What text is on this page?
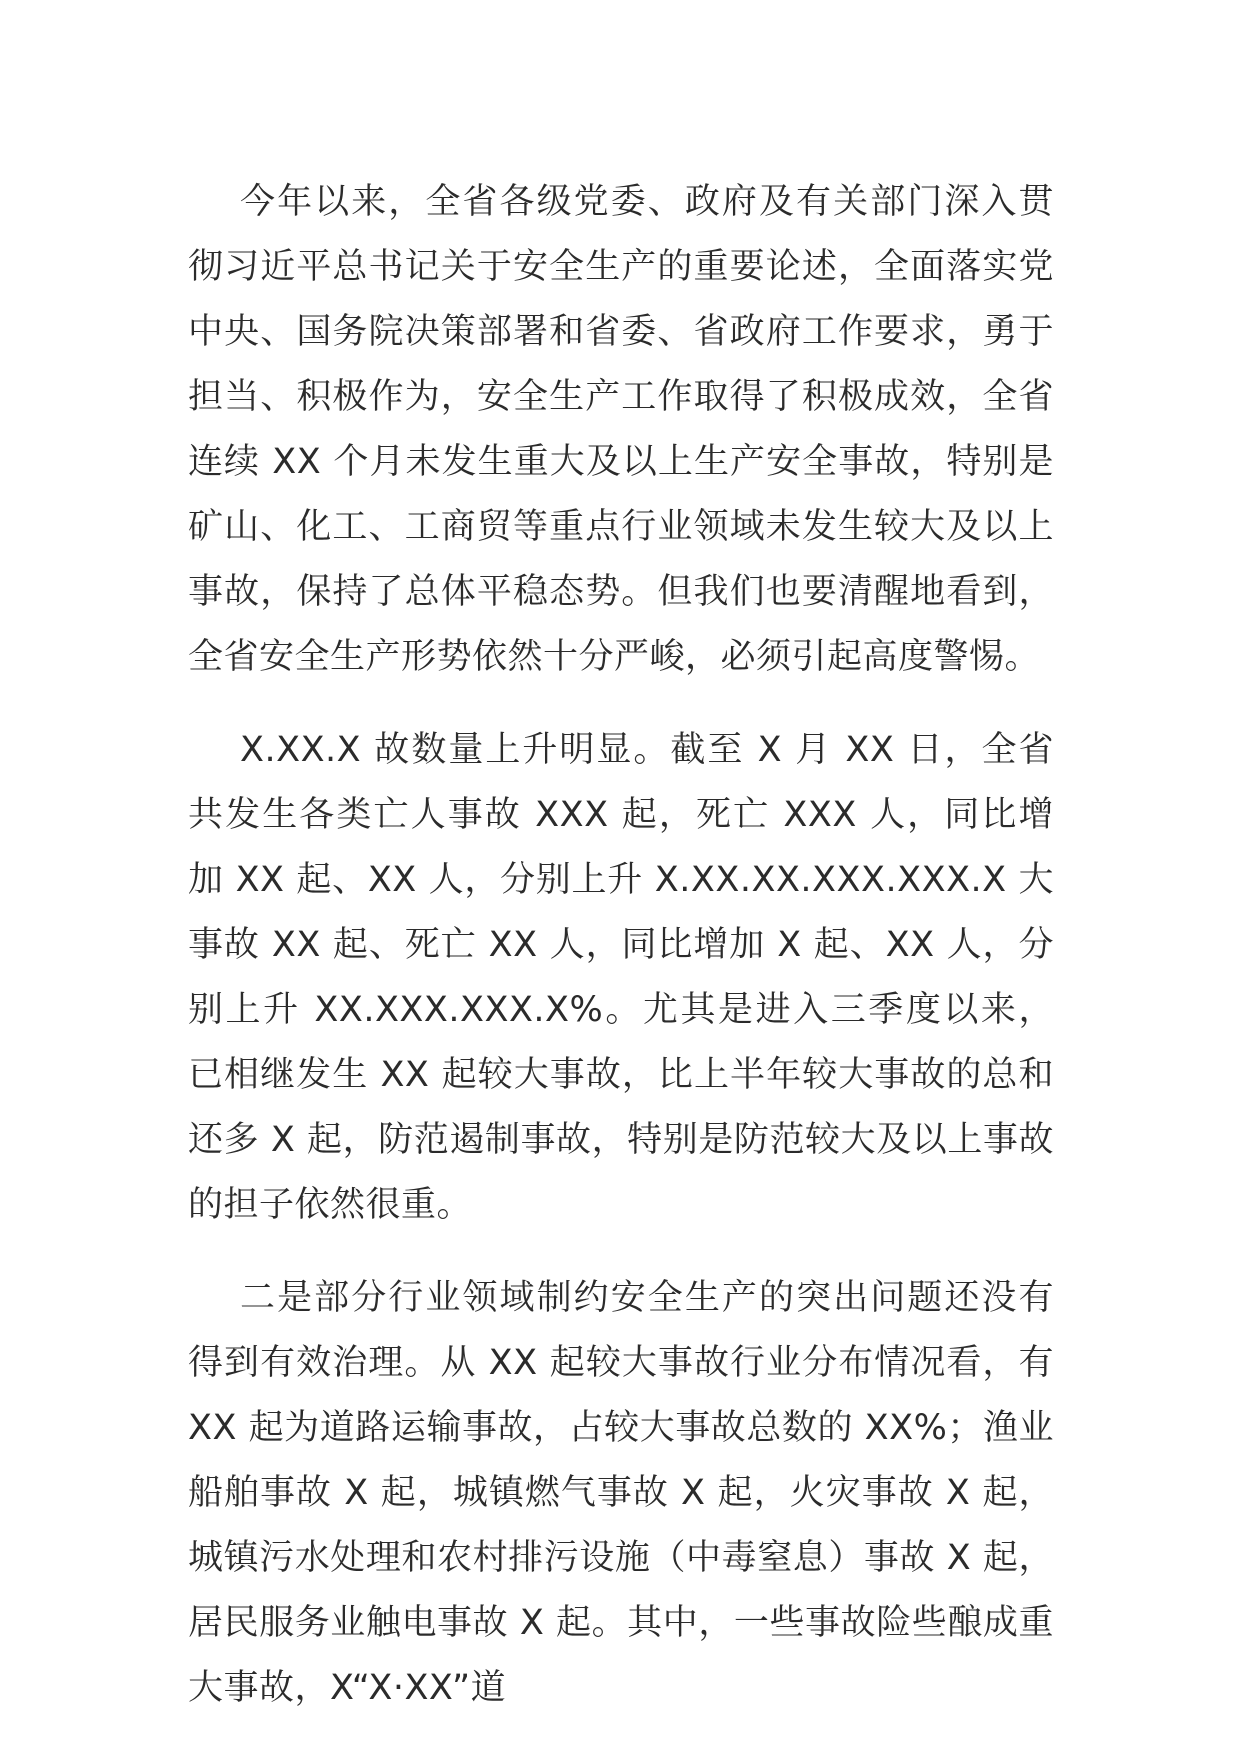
今年以来，全省各级党委、政府及有关部门深入贯彻习近平总书记关于安全生产的重要论述，全面落实党中央、国务院决策部署和省委、省政府工作要求，勇于担当、积极作为，安全生产工作取得了积极成效，全省连续 XX 个月未发生重大及以上生产安全事故，特别是矿山、化工、工商贸等重点行业领域未发生较大及以上事故，保持了总体平稳态势。但我们也要清醒地看到，全省安全生产形势依然十分严峻，必须引起高度警惕。

X.XX.X 故数量上升明显。截至 X 月 XX 日，全省共发生各类亡人事故 XXX 起，死亡 XXX 人，同比增加 XX 起、XX 人，分别上升 X.XX.XX.XXX.XXX.X 大事故 XX 起、死亡 XX 人，同比增加 X 起、XX 人，分别上升 XX.XXX.XXX.X%。尤其是进入三季度以来，已相继发生 XX 起较大事故，比上半年较大事故的总和还多 X 起，防范遏制事故，特别是防范较大及以上事故的担子依然很重。

二是部分行业领域制约安全生产的突出问题还没有得到有效治理。从 XX 起较大事故行业分布情况看，有 XX 起为道路运输事故，占较大事故总数的 XX%；渔业船舶事故 X 起，城镇燃气事故 X 起，火灾事故 X 起，城镇污水处理和农村排污设施（中毒窒息）事故 X 起，居民服务业触电事故 X 起。其中，一些事故险些酿成重大事故，X“X·XX”道
